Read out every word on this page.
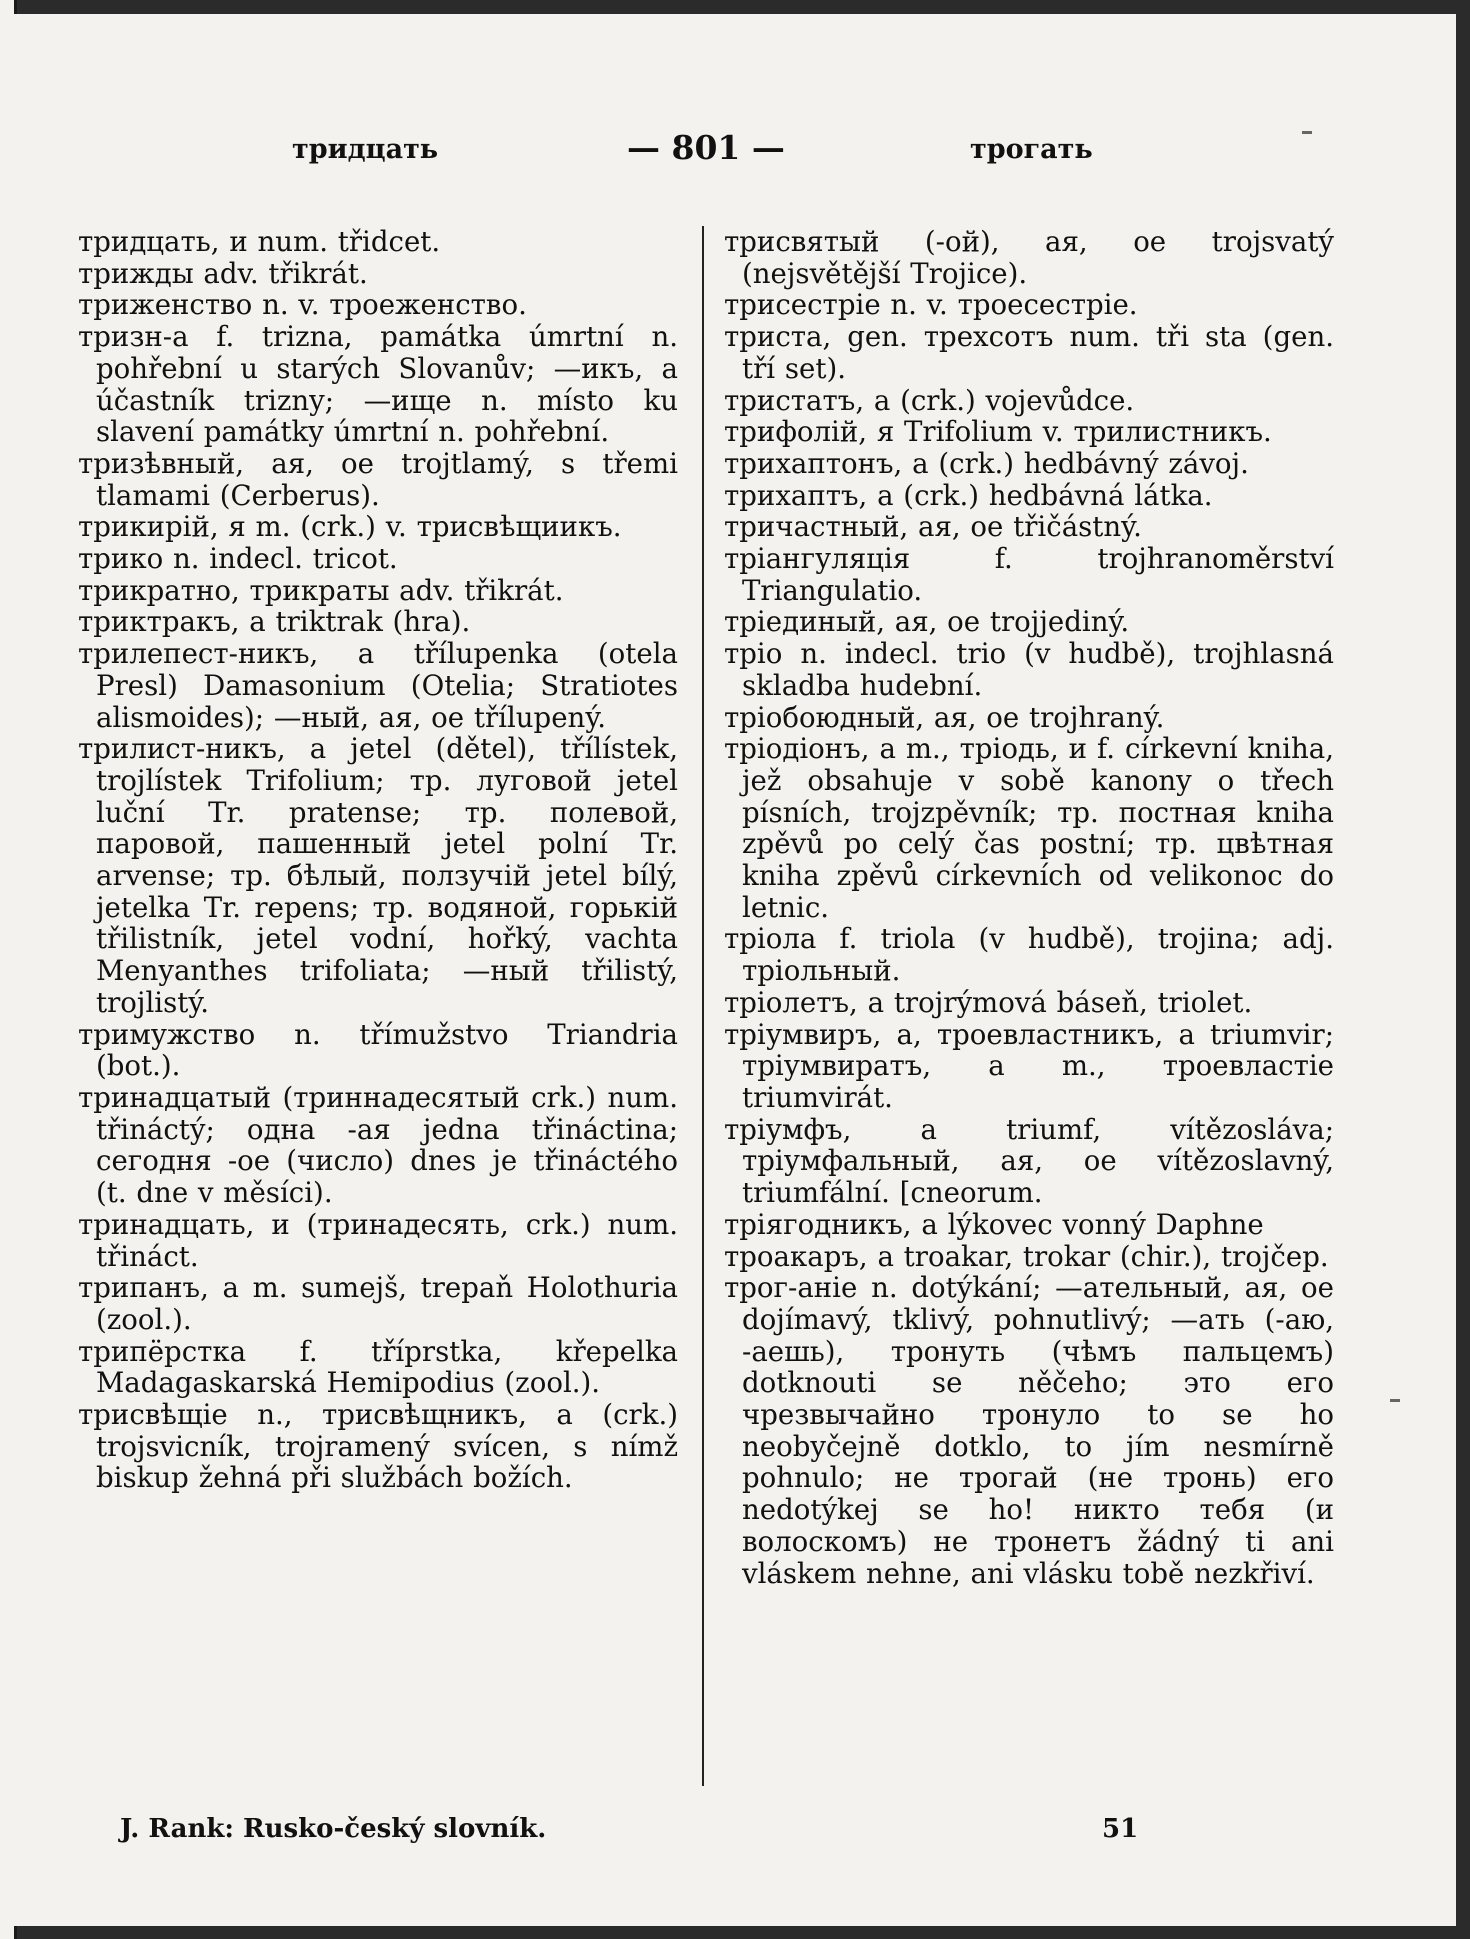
тридцать	— 801 —	трогать

тридцать, и num. třidcet.

трижды adv. třikrát.

триженство n. v. троеженство.

тризн-а f. trizna, památka úmrtní n. pohřební u starých Slovanův; —икъ, a účastník trizny; —ище n. místo ku slavení památky úmrtní n. pohřební.

тризѣвный, ая, ое trojtlamý, s třemi tlamami (Cerberus).

трикирій, я m. (crk.) v. трисвѣщиикъ.

трико n. indecl. tricot.

трикратно, трикраты adv. třikrát.

триктракъ, a triktrak (hra).

трилепест-никъ, a třílupenka (otela Presl) Damasonium (Otelia; Stratiotes alismoides); —ный, ая, ое třílupený.

трилист-никъ, a jetel (dětel), třílístek, trojlístek Trifolium; тр. луговой jetel luční Tr. pratense; тр. полевой, паровой, пашенный jetel polní Tr. arvense; тр. бѣлый, ползучій jetel bílý, jetelka Tr. repens; тр. водяной, горькій třilistník, jetel vodní, hořký, vachta Menyanthes trifoliata; —ный třilistý, trojlistý.

тримужство n. třímužstvo Triandria (bot.).

тринадцатый (триннадесятый crk.) num. třináctý; одна -ая jedna třináctina; сегодня -ое (число) dnes je třináctého (t. dne v měsíci).

тринадцать, и (тринадесять, crk.) num. třináct.

трипанъ, a m. sumejš, trepaň Holothuria (zool.).

трипёрстка f. tříprstka, křepelka Madagaskarská Hemipodius (zool.).

трисвѣщіе n., трисвѣщникъ, a (crk.) trojsvicník, trojramený svícen, s nímž biskup žehná při službách božích.

трисвятый (-ой), ая, ое trojsvatý (nejsvětější Trojice).

трисестріе n. v. троесестріе.

триста, gen. трехсотъ num. tři sta (gen. tří set).

тристатъ, a (crk.) vojevůdce.

трифолій, я Trifolium v. трилистникъ.

трихаптонъ, a (crk.) hedbávný závoj.

трихаптъ, a (crk.) hedbávná látka.

тричастный, ая, ое třičástný.

тріангуляція f. trojhranoměrství Triangulatio.

тріединый, ая, ое trojjediný.

тріо n. indecl. trio (v hudbě), trojhlasná skladba hudební.

тріобоюдный, ая, ое trojhraný.

тріодіонъ, a m., тріодь, и f. církevní kniha, jež obsahuje v sobě kanony o třech písních, trojzpěvník; тр. постная kniha zpěvů po celý čas postní; тр. цвѣтная kniha zpěvů církevních od velikonoc do letnic.

тріола f. triola (v hudbě), trojina; adj. тріольный.

тріолетъ, a trojrýmová báseň, triolet.

тріумвиръ, а, троевластникъ, a triumvir; тріумвиратъ, a m., троевластіе triumvirát.

тріумфъ, a triumf, vítězosláva; тріумфальный, ая, ое vítězoslavný, triumfální. [cneorum.

тріягодникъ, a lýkovec vonný Daphne

троакаръ, a troakar, trokar (chir.), trojčep.

трог-аніе n. dotýkání; —ательный, ая, ое dojímavý, tklivý, pohnutlivý; —ать (-аю, -аешь), тронуть (чѣмъ пальцемъ) dotknouti se něčeho; это его чрезвычайно тронуло to se ho neobyčejně dotklo, to jím nesmírně pohnulo; не трогай (не тронь) его nedotýkej se ho! никто тебя (и волоскомъ) не тронетъ žádný ti ani vláskem nehne, ani vlásku tobě nezkřiví.

J. Rank: Rusko-český slovník.	51
